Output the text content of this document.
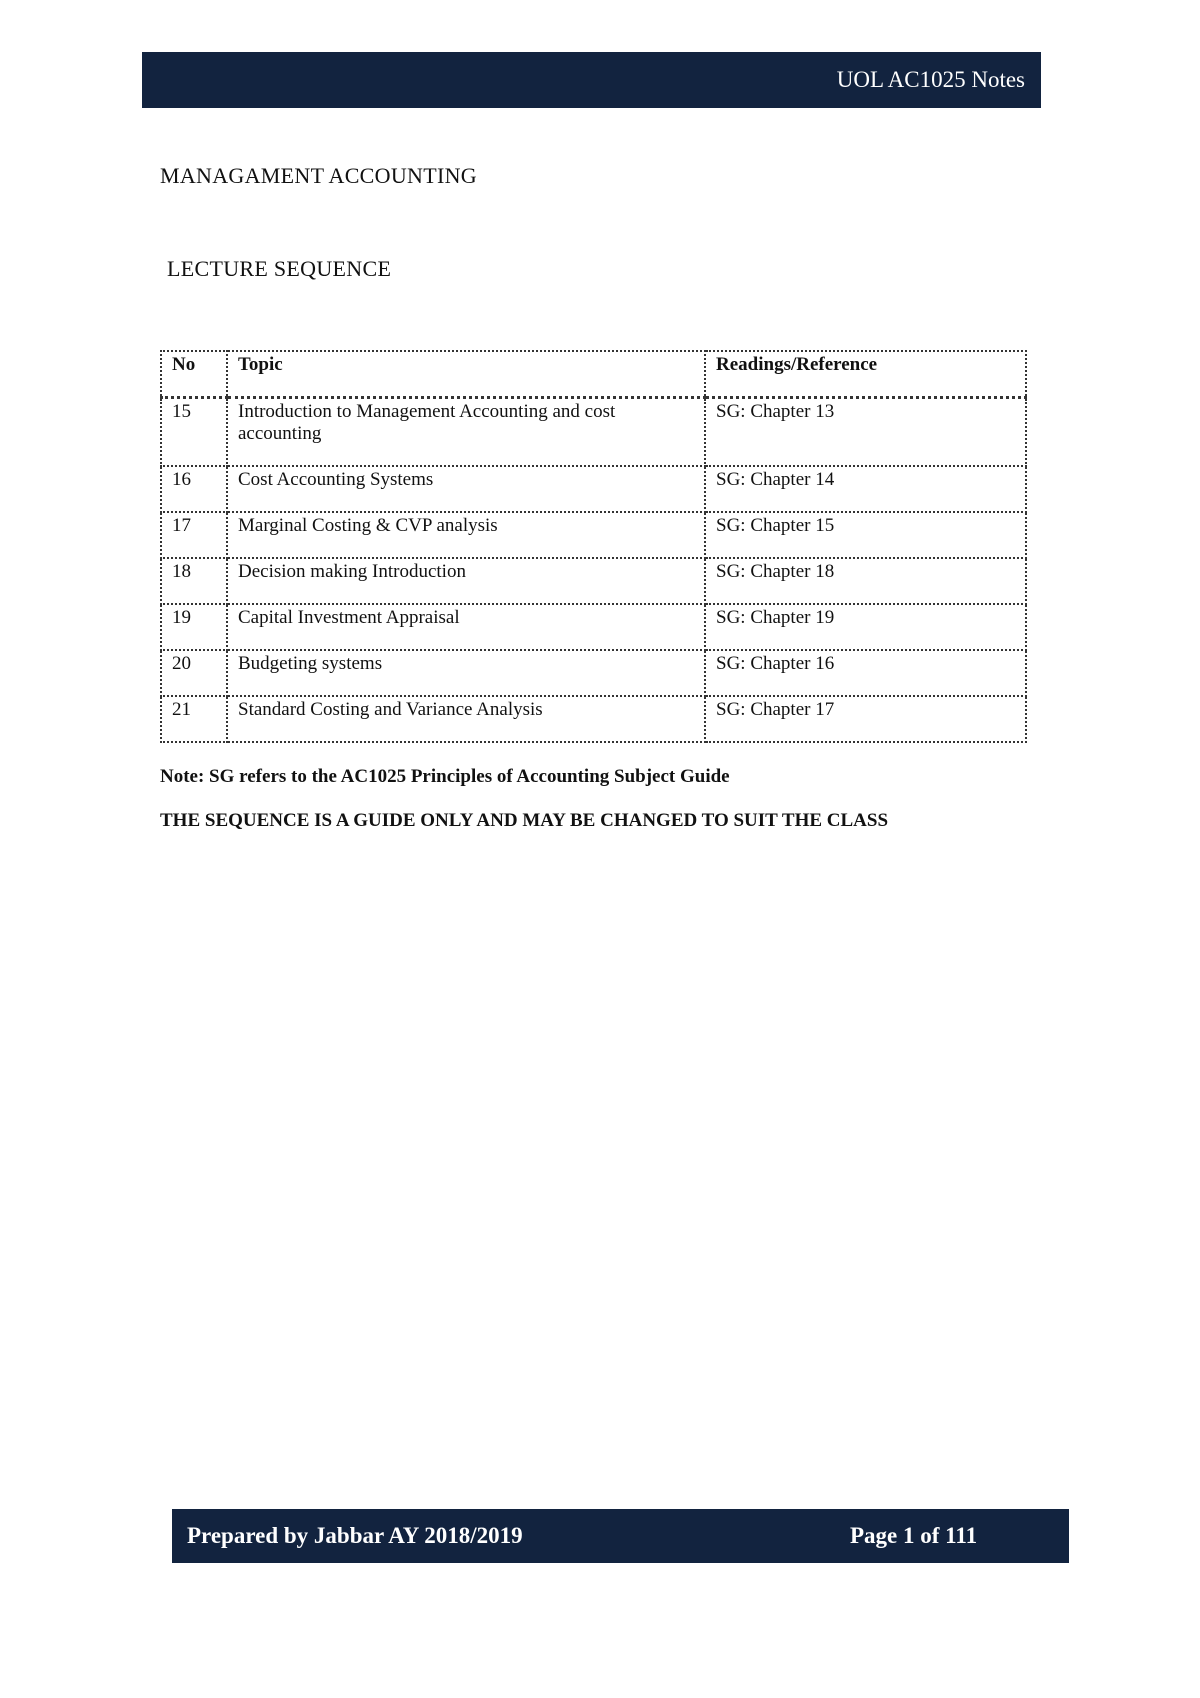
UOL AC1025 Notes
MANAGAMENT ACCOUNTING
LECTURE SEQUENCE
No	Topic	Readings/Reference
15	Introduction to Management Accounting and cost accounting	SG: Chapter 13
16	Cost Accounting Systems	SG: Chapter 14
17	Marginal Costing & CVP analysis	SG: Chapter 15
18	Decision making Introduction	SG: Chapter 18
19	Capital Investment Appraisal	SG: Chapter 19
20	Budgeting systems	SG: Chapter 16
21	Standard Costing and Variance Analysis	SG: Chapter 17
Note: SG refers to the AC1025 Principles of Accounting Subject Guide
THE SEQUENCE IS A GUIDE ONLY AND MAY BE CHANGED TO SUIT THE CLASS
Prepared by Jabbar AY 2018/2019	Page 1 of 111
